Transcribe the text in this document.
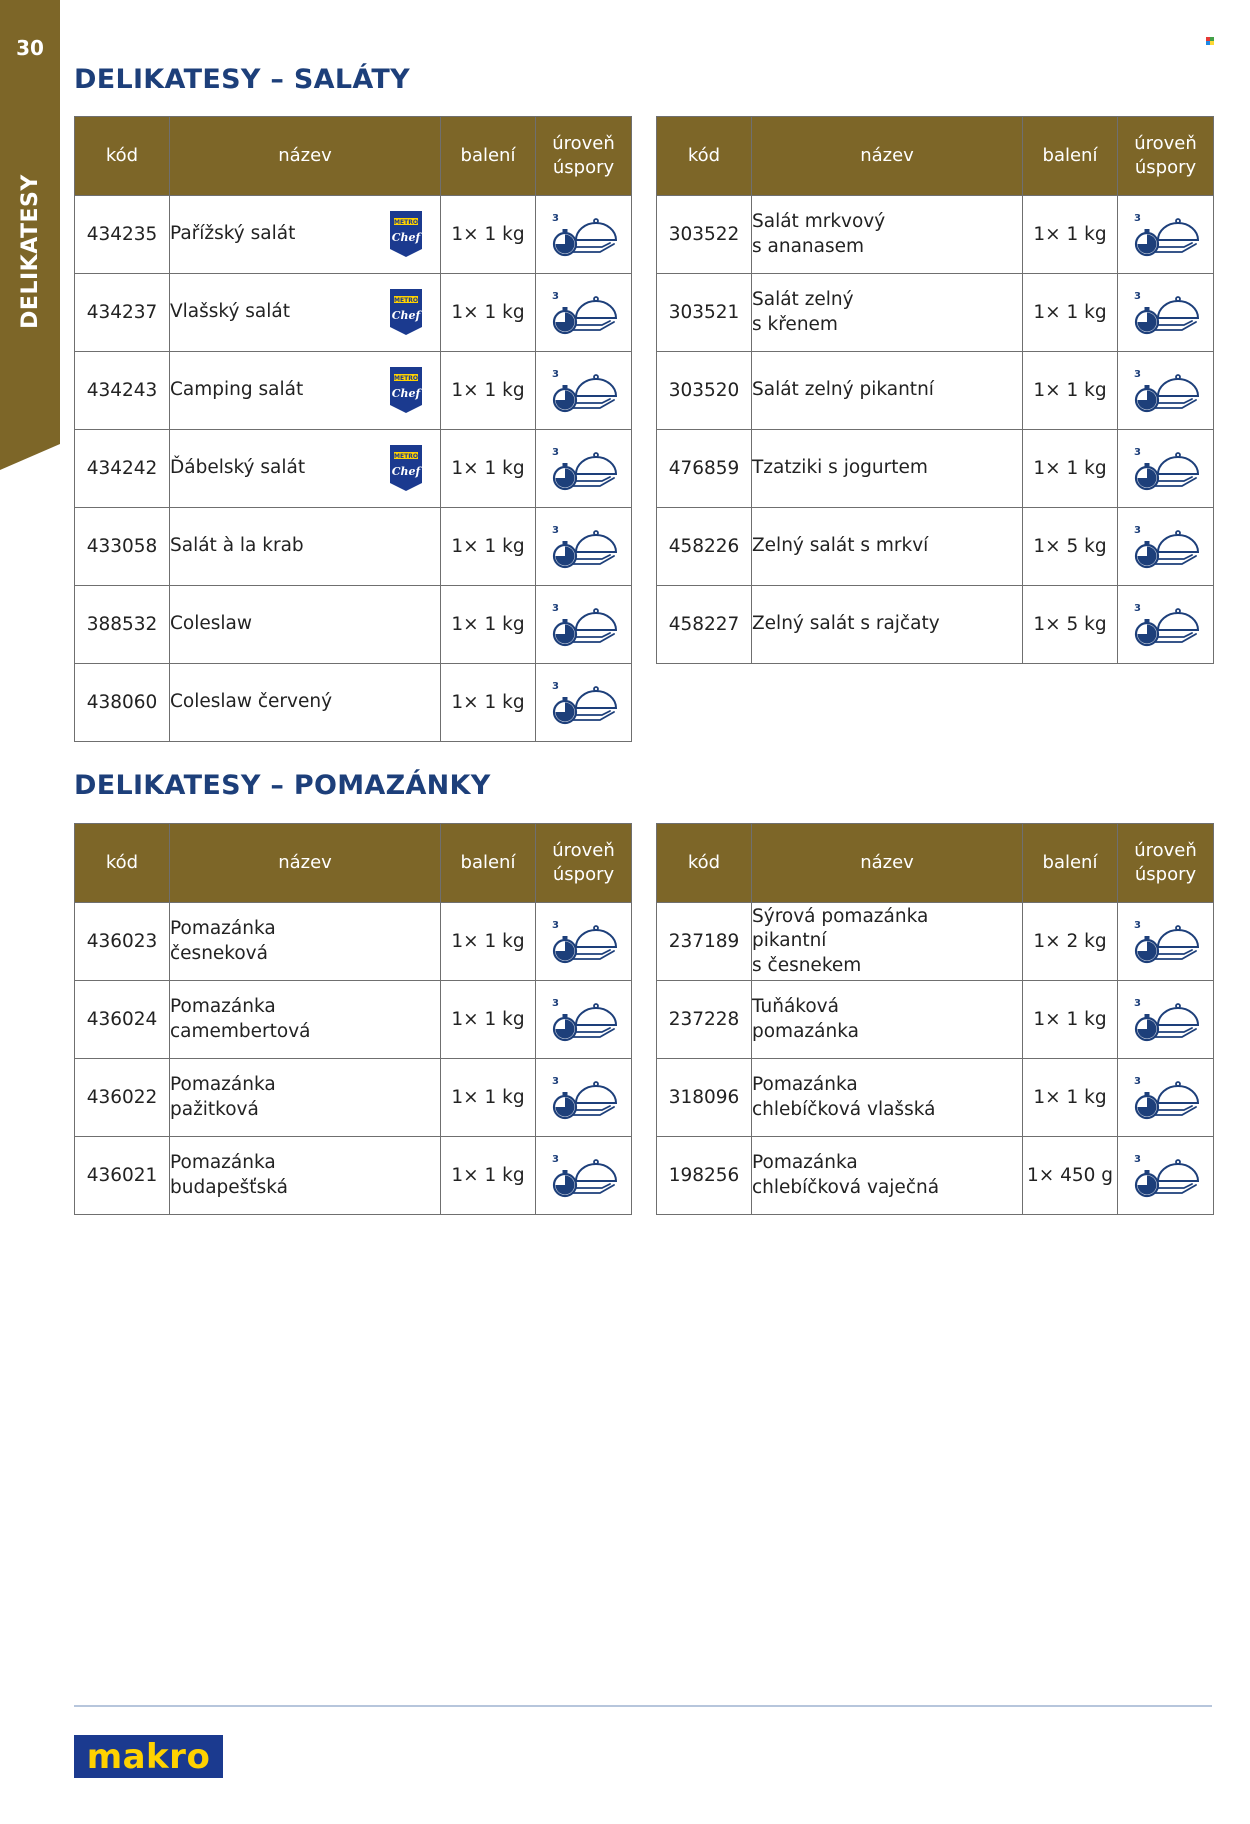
30
DELIKATESY
DELIKATESY – SALÁTY
kód	název	balení	úroveň
úspory
434235	Pařížský salát
METRO
Chef	1× 1 kg	3

434237	Vlašský salát
METRO
Chef	1× 1 kg	3

434243	Camping salát
METRO
Chef	1× 1 kg	3

434242	Ďábelský salát
METRO
Chef	1× 1 kg	3

433058	Salát à la krab	1× 1 kg	3

388532	Coleslaw	1× 1 kg	3

438060	Coleslaw červený	1× 1 kg	3
kód	název	balení	úroveň
úspory
303522	Salát mrkvový
s ananasem	1× 1 kg	3

303521	Salát zelný
s křenem	1× 1 kg	3

303520	Salát zelný pikantní	1× 1 kg	3

476859	Tzatziki s jogurtem	1× 1 kg	3

458226	Zelný salát s mrkví	1× 5 kg	3

458227	Zelný salát s rajčaty	1× 5 kg	3
DELIKATESY – POMAZÁNKY
kód	název	balení	úroveň
úspory
436023	Pomazánka
česneková	1× 1 kg	3

436024	Pomazánka
camembertová	1× 1 kg	3

436022	Pomazánka
pažitková	1× 1 kg	3

436021	Pomazánka
budapešťská	1× 1 kg	3
kód	název	balení	úroveň
úspory
237189	Sýrová pomazánka
pikantní
s česnekem	1× 2 kg	3

237228	Tuňáková
pomazánka	1× 1 kg	3

318096	Pomazánka
chlebíčková vlašská	1× 1 kg	3

198256	Pomazánka
chlebíčková vaječná	1× 450 g	3
makro
